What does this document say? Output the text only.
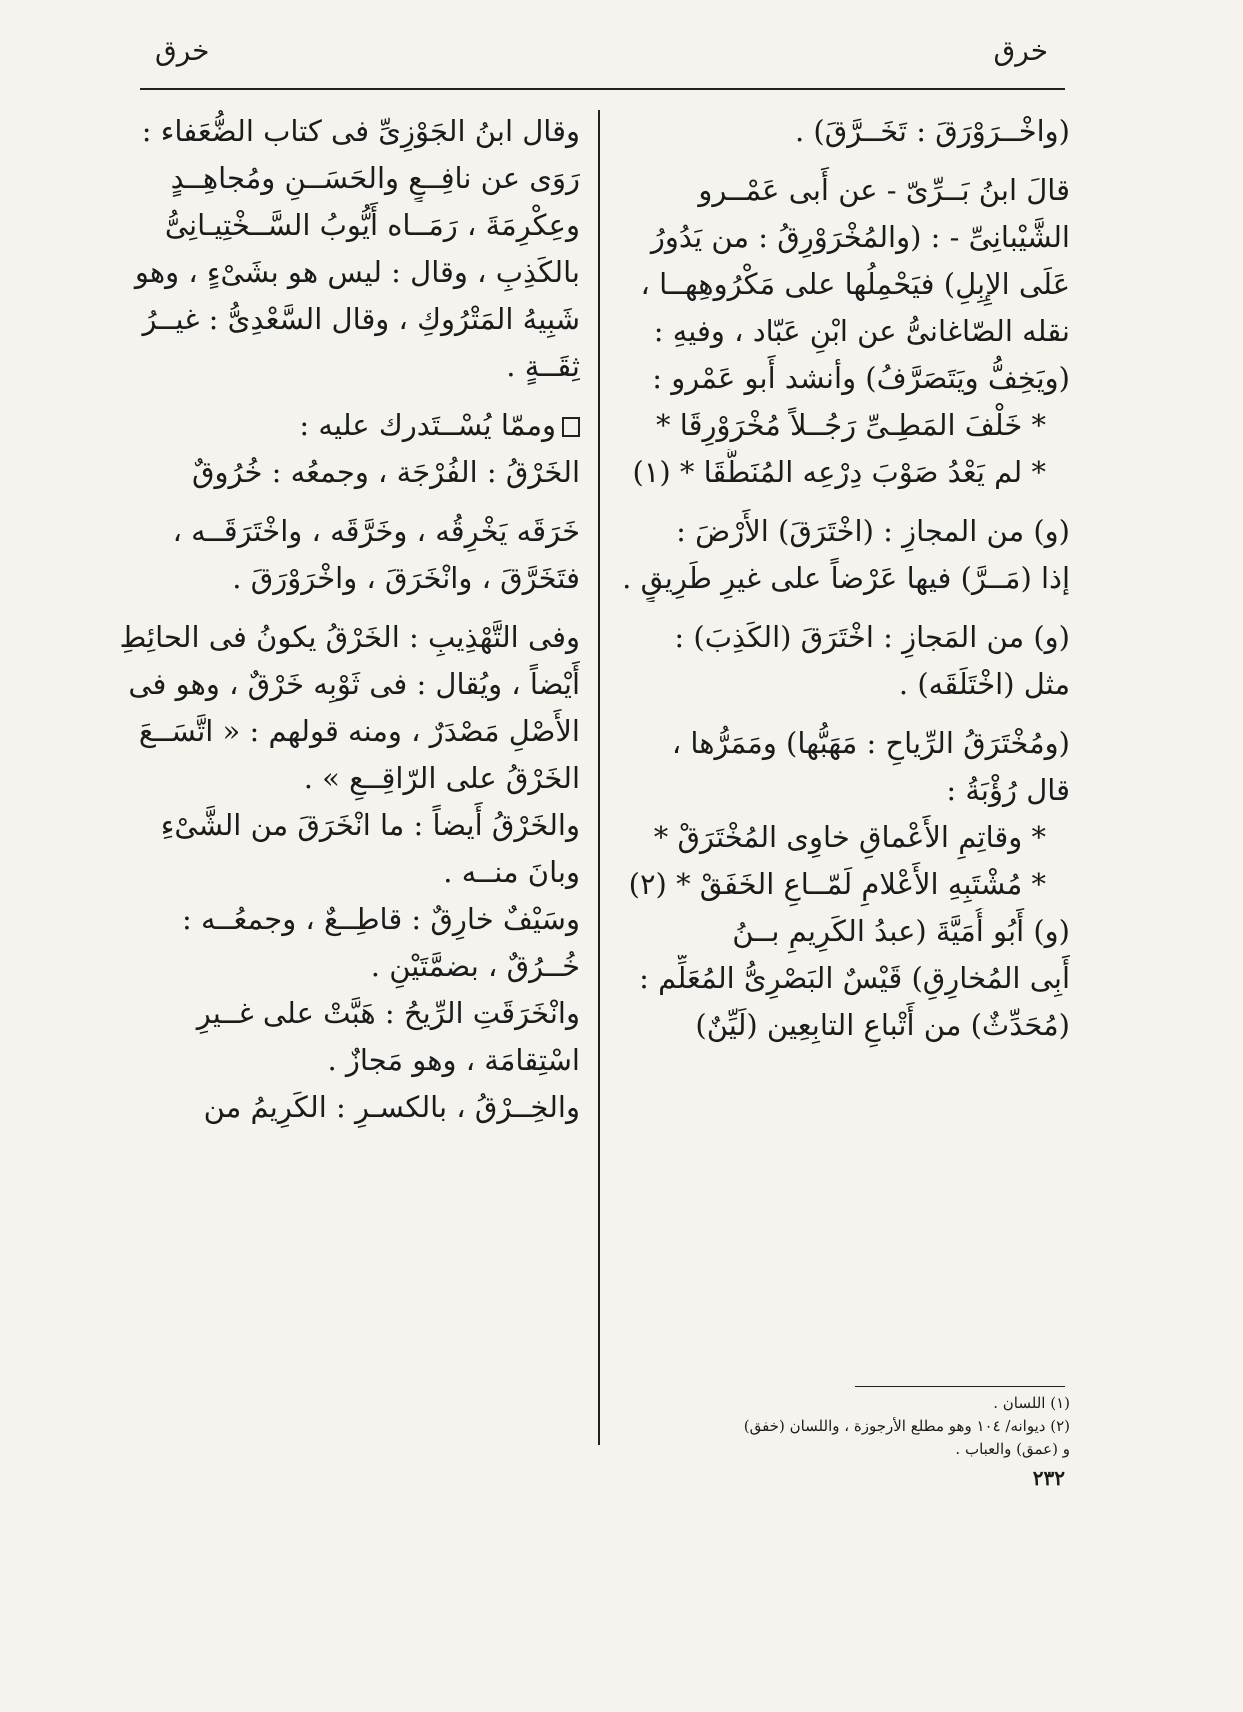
خرق
خرق
(واخْــرَوْرَقَ : تَخَــرَّقَ) .
قالَ ابنُ بَــرِّىّ - عن أَبى عَمْــرو
الشَّيْبانِىِّ - : (والمُخْرَوْرِقُ : من يَدُورُ
عَلَى الإِبِلِ) فيَحْمِلُها على مَكْرُوهِهــا ،
نقله الصّاغانىُّ عن ابْنِ عَبّاد ، وفيهِ :
(ويَخِفُّ ويَتَصَرَّفُ) وأنشد أَبو عَمْرو :
* خَلْفَ المَطِـىِّ رَجُــلاً مُخْرَوْرِقَا *
* لم يَعْدُ صَوْبَ دِرْعِه المُنَطَّقَا * (١)
(و) من المجازِ : (اخْتَرَقَ) الأَرْضَ :
إذا (مَــرَّ) فيها عَرْضاً على غيرِ طَرِيقٍ .
(و) من المَجازِ : اخْتَرَقَ (الكَذِبَ) :
مثل (اخْتَلَقَه) .
(ومُخْتَرَقُ الرِّياحِ : مَهَبُّها) ومَمَرُّها ،
قال رُؤْبَةُ :
* وقاتِمِ الأَعْماقِ خاوِى المُخْتَرَقْ *
* مُشْتَبِهِ الأَعْلامِ لَمّــاعِ الخَفَقْ * (٢)
(و) أَبُو أُمَيَّةَ (عبدُ الكَرِيمِ بــنُ
أَبِى المُخارِقِ) قَيْسٌ البَصْرِىُّ المُعَلِّم :
(مُحَدِّثٌ) من أَتْباعِ التابِعِين (لَيِّنٌ)
وقال ابنُ الجَوْزِىِّ فى كتاب الضُّعَفاء :
رَوَى عن نافِــعٍ والحَسَــنِ ومُجاهِــدٍ
وعِكْرِمَةَ ، رَمَــاه أَيُّوبُ السَّــخْتِيـانِىُّ
بالكَذِبِ ، وقال : ليس هو بشَىْءٍ ، وهو
شَبِيهُ المَتْرُوكِ ، وقال السَّعْدِىُّ : غيــرُ
ثِقَــةٍ .
وممّا يُسْــتَدرك عليه :
الخَرْقُ : الفُرْجَة ، وجمعُه : خُرُوقٌ
خَرَقَه يَخْرِقُه ، وخَرَّقَه ، واخْتَرَقَــه ،
فتَخَرَّقَ ، وانْخَرَقَ ، واخْرَوْرَقَ .
وفى التَّهْذِيبِ : الخَرْقُ يكونُ فى الحائِطِ
أَيْضاً ، ويُقال : فى ثَوْبِه خَرْقٌ ، وهو فى
الأَصْلِ مَصْدَرٌ ، ومنه قولهم : « اتَّسَــعَ
الخَرْقُ على الرّاقِــعِ » .
والخَرْقُ أَيضاً : ما انْخَرَقَ من الشَّىْءِ
وبانَ منــه .
وسَيْفٌ خارِقٌ : قاطِــعٌ ، وجمعُــه :
خُــرُقٌ ، بضمَّتَيْنِ .
وانْخَرَقَتِ الرِّيحُ : هَبَّتْ على غــيرِ
اسْتِقامَة ، وهو مَجازٌ .
والخِــرْقُ ، بالكسـرِ : الكَرِيمُ من
(١) اللسان .
(٢) ديوانه/ ١٠٤ وهو مطلع الأرجوزة ، واللسان (خفق)
و (عمق) والعباب .
٢٣٢
